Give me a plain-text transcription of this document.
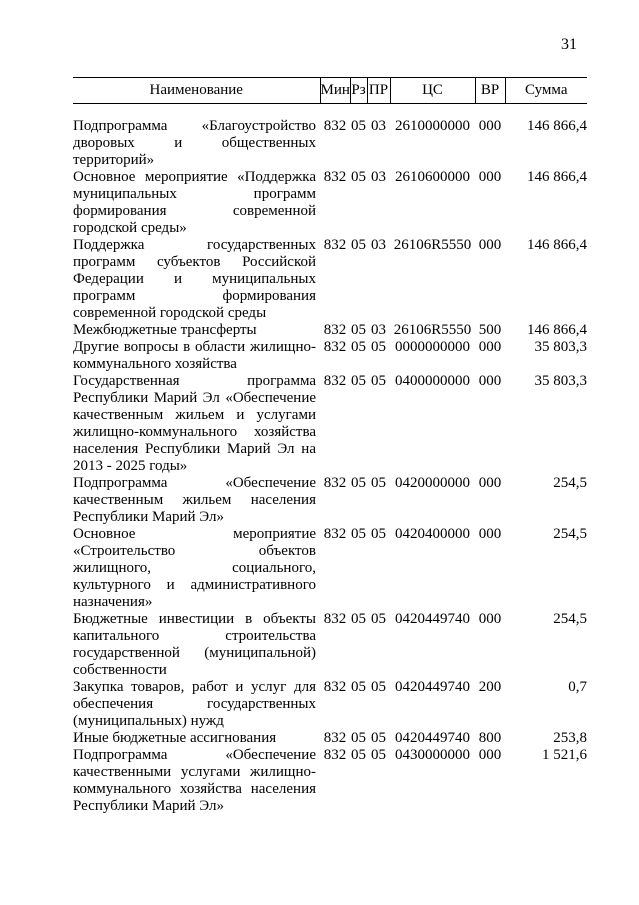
31
Наименование	Мин	Рз	ПР	ЦС	ВР	Сумма

Подпрограмма «Благоустройство дворовых и общественных территорий»	832	05	03	2610000000	000	146 866,4
Основное мероприятие «Поддержка муниципальных программ формирования современной городской среды»	832	05	03	2610600000	000	146 866,4
Поддержка государственных программ субъектов Российской Федерации и муниципальных программ формирования современной городской среды	832	05	03	26106R5550	000	146 866,4
Межбюджетные трансферты	832	05	03	26106R5550	500	146 866,4
Другие вопросы в области жилищно-коммунального хозяйства	832	05	05	0000000000	000	35 803,3
Государственная программа Республики Марий Эл «Обеспечение качественным жильем и услугами жилищно-коммунального хозяйства населения Республики Марий Эл на 2013 - 2025 годы»	832	05	05	0400000000	000	35 803,3
Подпрограмма «Обеспечение качественным жильем населения Республики Марий Эл»	832	05	05	0420000000	000	254,5
Основное мероприятие «Строительство объектов жилищного, социального, культурного и административного назначения»	832	05	05	0420400000	000	254,5
Бюджетные инвестиции в объекты капитального строительства государственной (муниципальной) собственности	832	05	05	0420449740	000	254,5
Закупка товаров, работ и услуг для обеспечения государственных (муниципальных) нужд	832	05	05	0420449740	200	0,7
Иные бюджетные ассигнования	832	05	05	0420449740	800	253,8
Подпрограмма «Обеспечение качественными услугами жилищно-коммунального хозяйства населения Республики Марий Эл»	832	05	05	0430000000	000	1 521,6
